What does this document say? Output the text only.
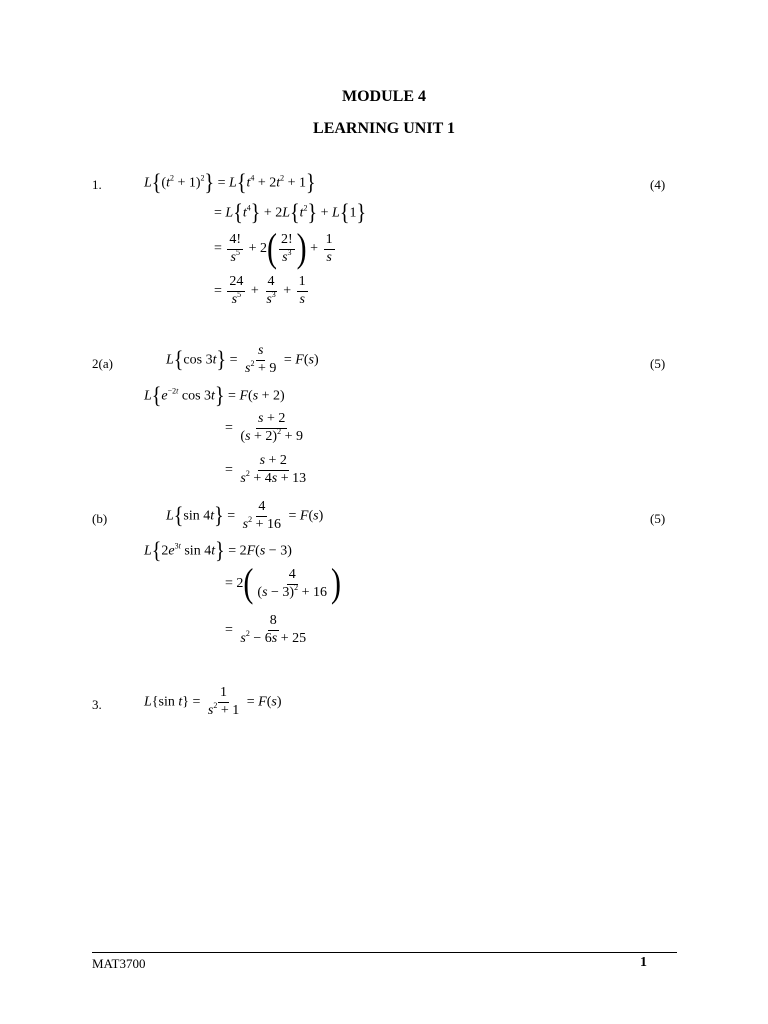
MODULE 4
LEARNING UNIT 1
1.	(4)
$L\{(t^2 + 1)^2\} = L\{t^4 + 2t^2 + 1\}$
= $L\{t^4\} + 2L\{t^2\} + L\{1\}$
= $\frac{4!}{s^5} + 2( \frac{2!}{s^3}$ ) + $\frac{1}{s}$
= $\frac{24}{s^5} + \frac{4}{s^3} + \frac{1}{s}$
2(a)	(5)
L{cos $3t\} = \frac{s}{s^2 + 9} = F(s)$
$L\{e^{-2t}$ cos 3t} = F(s + 2)
= $\frac{s + 2}{(s + 2)^2 + 9}$
= $\frac{s + 2}{s^2 + 4s + 13}$
(b)	(5)
L{sin $4t\} = \frac{4}{s^2 + 16} = F(s)$
$L\{2e^{3t}$ sin 4t} = 2F(s − 3)
= $2( \frac{4}{(s - 3)^2 + 16}$ )
= $\frac{8}{s^2 - 6s + 25}$
3.	L{sin $t\} = \frac{1}{s^2 + 1} = F(s)$
MAT3700	1
